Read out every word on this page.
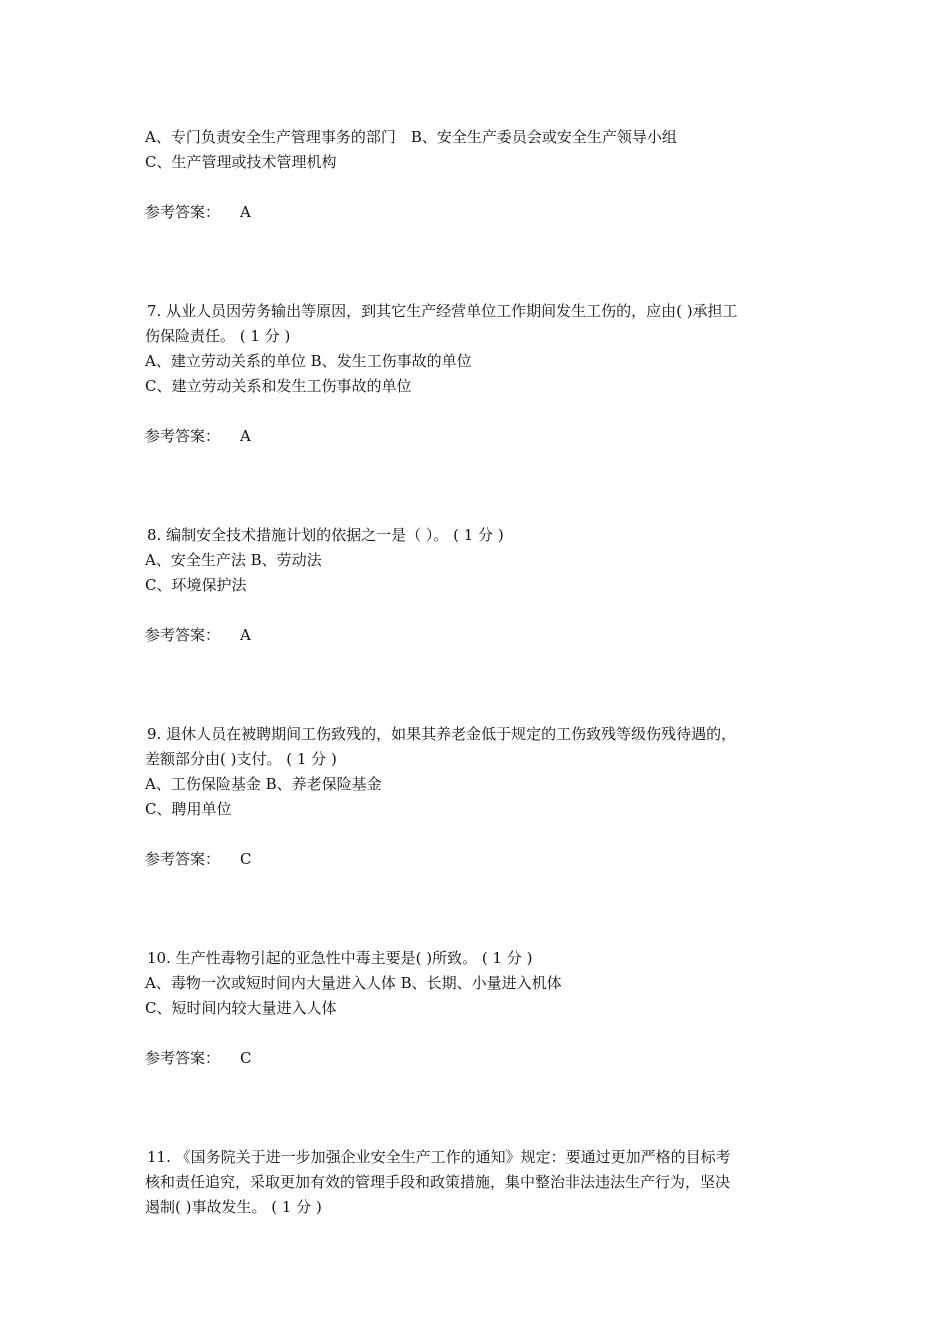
A、专门负责安全生产管理事务的部门　B、安全生产委员会或安全生产领导小组
C、生产管理或技术管理机构
参考答案： A
7. 从业人员因劳务输出等原因，到其它生产经营单位工作期间发生工伤的，应由( )承担工
伤保险责任。 ( 1 分 )
A、建立劳动关系的单位 B、发生工伤事故的单位
C、建立劳动关系和发生工伤事故的单位
参考答案： A
8. 编制安全技术措施计划的依据之一是（ ）。 ( 1 分 )
A、安全生产法 B、劳动法
C、环境保护法
参考答案： A
9. 退休人员在被聘期间工伤致残的，如果其养老金低于规定的工伤致残等级伤残待遇的，
差额部分由( )支付。 ( 1 分 )
A、工伤保险基金 B、养老保险基金
C、聘用单位
参考答案： C
10. 生产性毒物引起的亚急性中毒主要是( )所致。 ( 1 分 )
A、毒物一次或短时间内大量进入人体 B、长期、小量进入机体
C、短时间内较大量进入人体
参考答案： C
11. 《国务院关于进一步加强企业安全生产工作的通知》规定：要通过更加严格的目标考
核和责任追究，采取更加有效的管理手段和政策措施，集中整治非法违法生产行为，坚决
遏制( )事故发生。 ( 1 分 )
